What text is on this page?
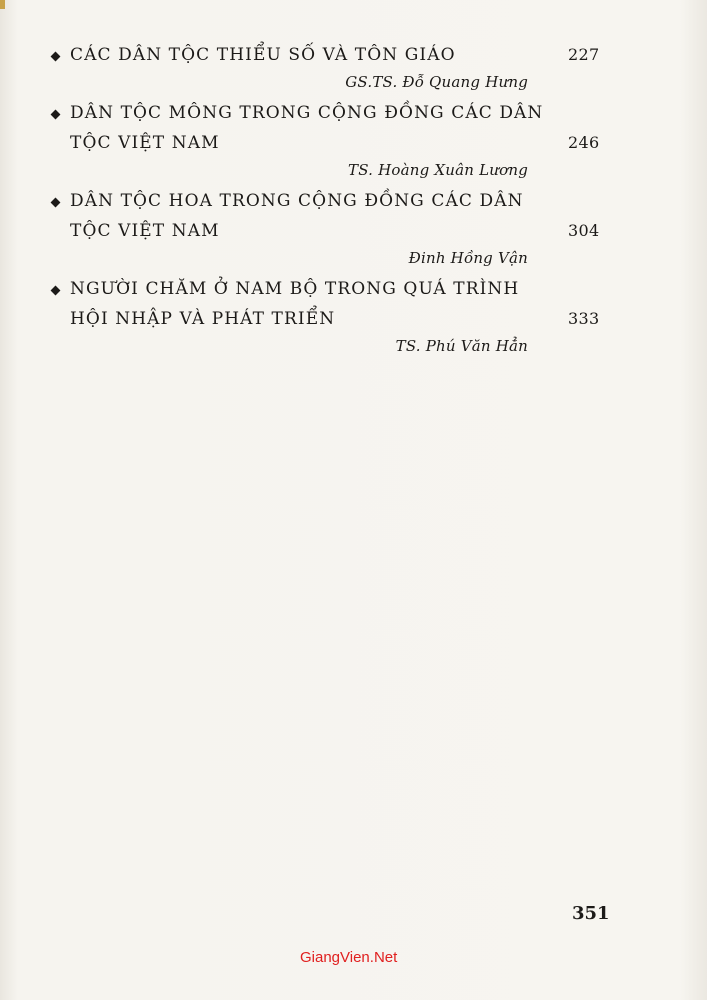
CÁC DÂN TỘC THIỂU SỐ VÀ TÔN GIÁO	227
GS.TS. Đỗ Quang Hưng
DÂN TỘC MÔNG TRONG CỘNG ĐỒNG CÁC DÂN
TỘC VIỆT NAM	246
TS. Hoàng Xuân Lương
DÂN TỘC HOA TRONG CỘNG ĐỒNG CÁC DÂN
TỘC VIỆT NAM	304
Đinh Hồng Vận
NGƯỜI CHĂM Ở NAM BỘ TRONG QUÁ TRÌNH
HỘI NHẬP VÀ PHÁT TRIỂN	333
TS. Phú Văn Hẳn
351
GiangVien.Net
